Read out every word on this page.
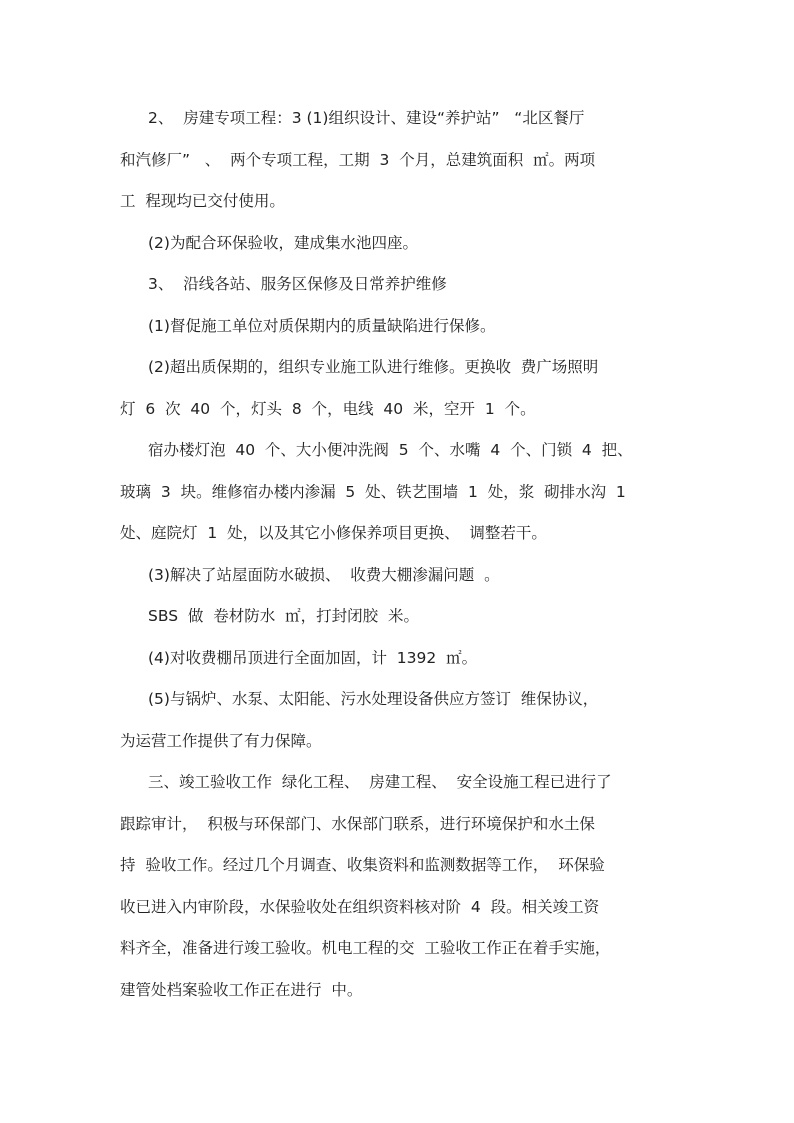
2、  房建专项工程：3 (1)组织设计、建设“养护站”   “北区餐厅
和汽修厂”   、  两个专项工程，工期  3  个月，总建筑面积  ㎡。两项
工  程现均已交付使用。
(2)为配合环保验收，建成集水池四座。
3、  沿线各站、服务区保修及日常养护维修
(1)督促施工单位对质保期内的质量缺陷进行保修。
(2)超出质保期的，组织专业施工队进行维修。更换收  费广场照明
灯  6  次  40  个，灯头  8  个，电线  40  米，空开  1  个。
宿办楼灯泡  40  个、大小便冲洗阀  5  个、水嘴  4  个、门锁  4  把、
玻璃  3  块。维修宿办楼内渗漏  5  处、铁艺围墙  1  处，浆  砌排水沟  1
处、庭院灯  1  处，以及其它小修保养项目更换、  调整若干。
(3)解决了站屋面防水破损、  收费大棚渗漏问题  。
SBS  做  卷材防水  ㎡，打封闭胶  米。
(4)对收费棚吊顶进行全面加固，计  1392  ㎡。
(5)与锅炉、水泵、太阳能、污水处理设备供应方签订  维保协议，
为运营工作提供了有力保障。
三、竣工验收工作  绿化工程、  房建工程、  安全设施工程已进行了
跟踪审计，  积极与环保部门、水保部门联系，进行环境保护和水土保
持  验收工作。经过几个月调查、收集资料和监测数据等工作，  环保验
收已进入内审阶段，水保验收处在组织资料核对阶  4  段。相关竣工资
料齐全，准备进行竣工验收。机电工程的交  工验收工作正在着手实施，
建管处档案验收工作正在进行  中。
